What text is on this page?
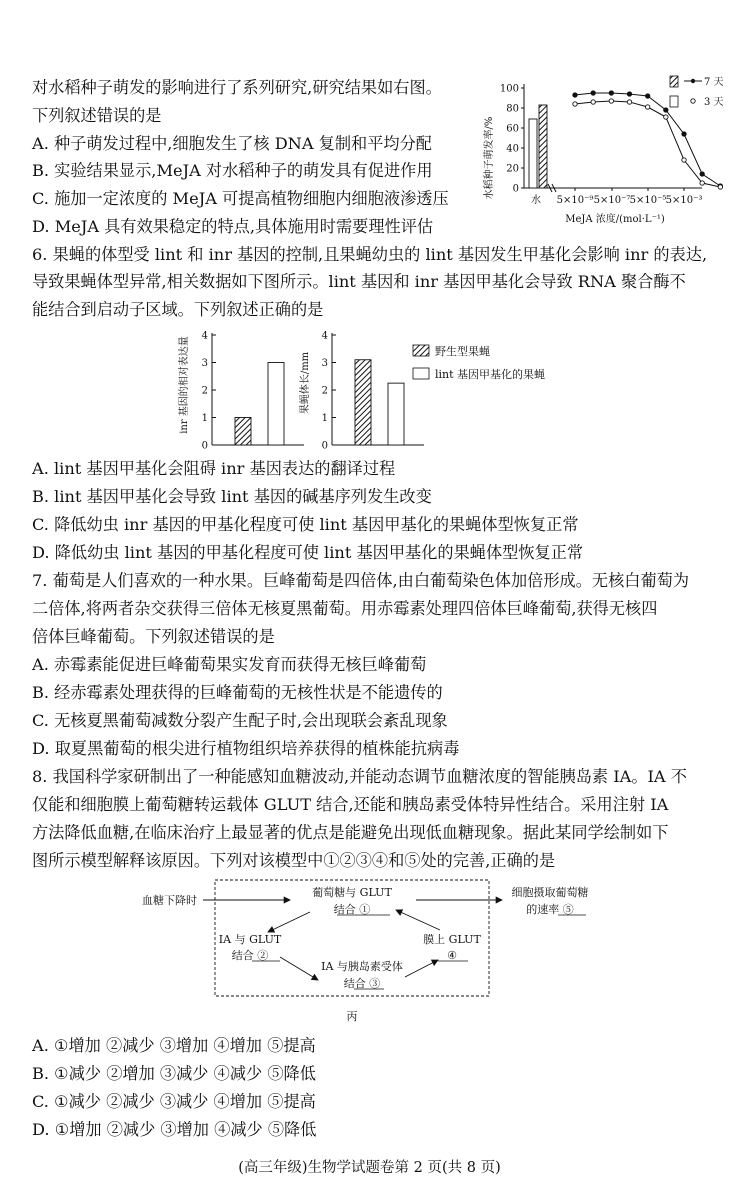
对水稻种子萌发的影响进行了系列研究,研究结果如右图。
下列叙述错误的是
A. 种子萌发过程中,细胞发生了核 DNA 复制和平均分配
B. 实验结果显示,MeJA 对水稻种子的萌发具有促进作用
C. 施加一定浓度的 MeJA 可提高植物细胞内细胞液渗透压
D. MeJA 具有效果稳定的特点,具体施用时需要理性评估
水稻种子萌发率/% 0
20
40
60
80
100
水 5×10⁻⁹ 5×10⁻⁷ 5×10⁻⁵ 5×10⁻³
MeJA 浓度/(mol·L⁻¹)
7 天
3 天
6. 果蝇的体型受 lint 和 inr 基因的控制,且果蝇幼虫的 lint 基因发生甲基化会影响 inr 的表达,
导致果蝇体型异常,相关数据如下图所示。lint 基因和 inr 基因甲基化会导致 RNA 聚合酶不
能结合到启动子区域。下列叙述正确的是
inr 基因的相对表达量
0
1
2
3
4
果蝇体长/mm
0
1
2
3
4
野生型果蝇
lint 基因甲基化的果蝇
A. lint 基因甲基化会阻碍 inr 基因表达的翻译过程
B. lint 基因甲基化会导致 lint 基因的碱基序列发生改变
C. 降低幼虫 inr 基因的甲基化程度可使 lint 基因甲基化的果蝇体型恢复正常
D. 降低幼虫 lint 基因的甲基化程度可使 lint 基因甲基化的果蝇体型恢复正常
7. 葡萄是人们喜欢的一种水果。巨峰葡萄是四倍体,由白葡萄染色体加倍形成。无核白葡萄为
二倍体,将两者杂交获得三倍体无核夏黑葡萄。用赤霉素处理四倍体巨峰葡萄,获得无核四
倍体巨峰葡萄。下列叙述错误的是
A. 赤霉素能促进巨峰葡萄果实发育而获得无核巨峰葡萄
B. 经赤霉素处理获得的巨峰葡萄的无核性状是不能遗传的
C. 无核夏黑葡萄减数分裂产生配子时,会出现联会紊乱现象
D. 取夏黑葡萄的根尖进行植物组织培养获得的植株能抗病毒
8. 我国科学家研制出了一种能感知血糖波动,并能动态调节血糖浓度的智能胰岛素 IA。IA 不
仅能和细胞膜上葡萄糖转运载体 GLUT 结合,还能和胰岛素受体特异性结合。采用注射 IA
方法降低血糖,在临床治疗上最显著的优点是能避免出现低血糖现象。据此某同学绘制如下
图所示模型解释该原因。下列对该模型中①②③④和⑤处的完善,正确的是
血糖下降时
葡萄糖与 GLUT
结合 ①
细胞摄取葡萄糖
的速率 ⑤
IA 与 GLUT
结合 ②
IA 与胰岛素受体
结合 ③
膜上 GLUT
④
丙
A. ①增加 ②减少 ③增加 ④增加 ⑤提高
B. ①减少 ②增加 ③减少 ④减少 ⑤降低
C. ①减少 ②减少 ③减少 ④增加 ⑤提高
D. ①增加 ②减少 ③增加 ④减少 ⑤降低
(高三年级)生物学试题卷第 2 页(共 8 页)
